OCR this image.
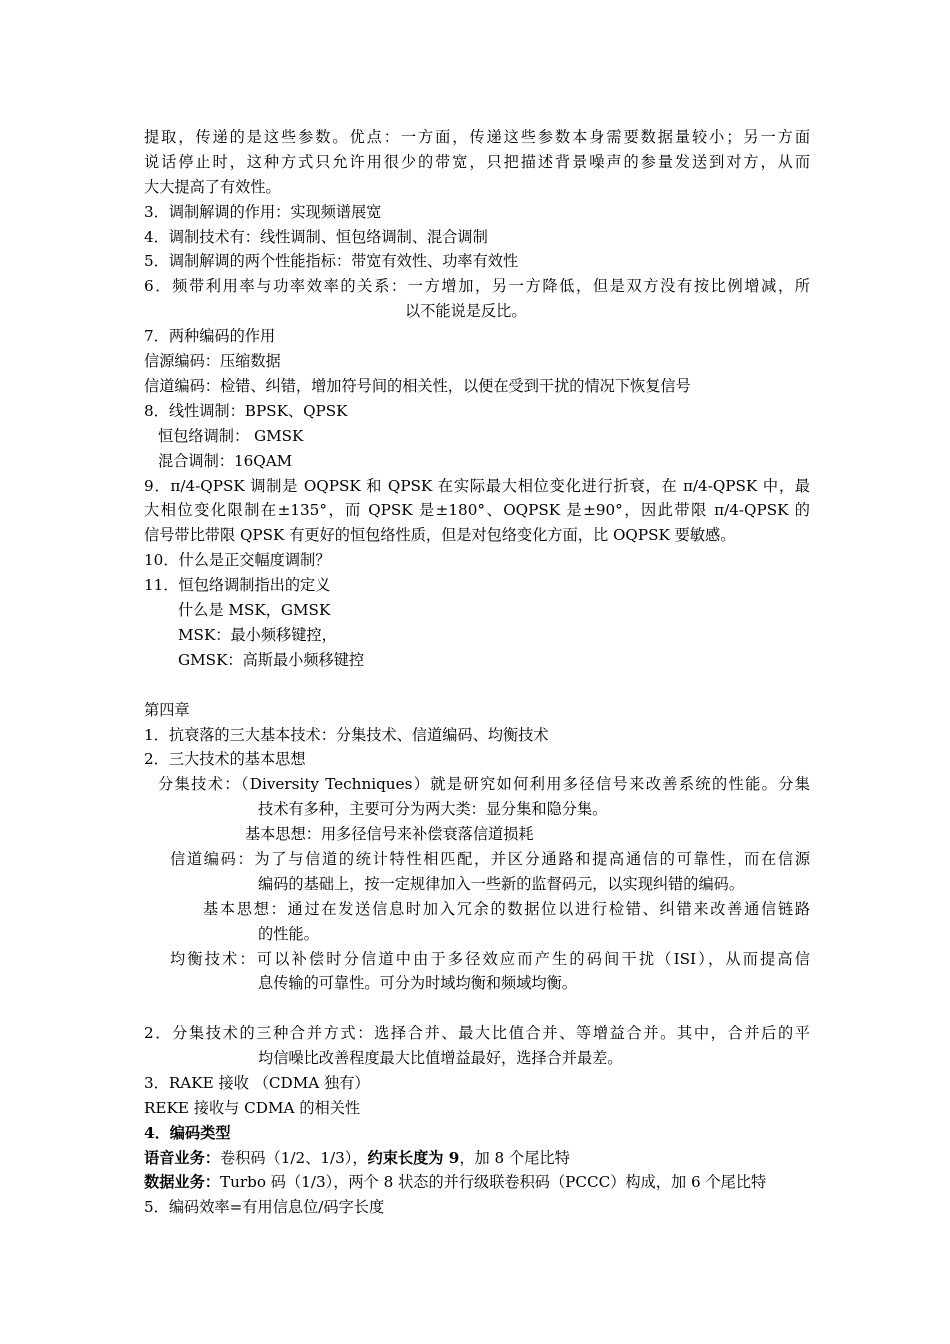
提取，传递的是这些参数。优点：一方面，传递这些参数本身需要数据量较小；另一方面
说话停止时，这种方式只允许用很少的带宽，只把描述背景噪声的参量发送到对方，从而
大大提高了有效性。
3．调制解调的作用：实现频谱展宽
4．调制技术有：线性调制、恒包络调制、混合调制
5．调制解调的两个性能指标：带宽有效性、功率有效性
6．频带利用率与功率效率的关系：一方增加，另一方降低，但是双方没有按比例增减，所
以不能说是反比。
7．两种编码的作用
信源编码：压缩数据
信道编码：检错、纠错，增加符号间的相关性，以便在受到干扰的情况下恢复信号
8．线性调制：BPSK、QPSK
恒包络调制： GMSK
混合调制：16QAM
9．π/4-QPSK 调制是 OQPSK 和 QPSK 在实际最大相位变化进行折衰，在 π/4-QPSK 中，最
大相位变化限制在±135°，而 QPSK 是±180°、OQPSK 是±90°，因此带限 π/4-QPSK 的
信号带比带限 QPSK 有更好的恒包络性质，但是对包络变化方面，比 OQPSK 要敏感。
10．什么是正交幅度调制？
11．恒包络调制指出的定义
什么是 MSK，GMSK
MSK：最小频移键控，
GMSK：高斯最小频移键控
第四章
1．抗衰落的三大基本技术：分集技术、信道编码、均衡技术
2．三大技术的基本思想
分集技术：（Diversity Techniques）就是研究如何利用多径信号来改善系统的性能。分集
技术有多种，主要可分为两大类：显分集和隐分集。
基本思想：用多径信号来补偿衰落信道损耗
信道编码：为了与信道的统计特性相匹配，并区分通路和提高通信的可靠性，而在信源
编码的基础上，按一定规律加入一些新的监督码元，以实现纠错的编码。
基本思想：通过在发送信息时加入冗余的数据位以进行检错、纠错来改善通信链路
的性能。
均衡技术：可以补偿时分信道中由于多径效应而产生的码间干扰（ISI），从而提高信
息传输的可靠性。可分为时域均衡和频域均衡。
2．分集技术的三种合并方式：选择合并、最大比值合并、等增益合并。其中，合并后的平
均信噪比改善程度最大比值增益最好，选择合并最差。
3．RAKE 接收 （CDMA 独有）
REKE 接收与 CDMA 的相关性
4．编码类型
语音业务：卷积码（1/2、1/3），约束长度为 9，加 8 个尾比特
数据业务：Turbo 码（1/3），两个 8 状态的并行级联卷积码（PCCC）构成，加 6 个尾比特
5．编码效率=有用信息位/码字长度
